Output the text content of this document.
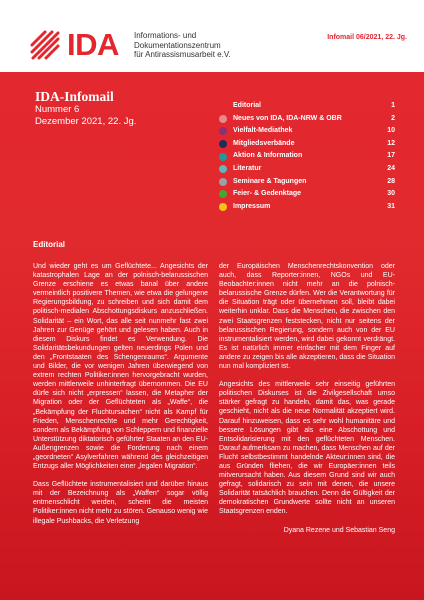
IDA Informations- und
Dokumentationszentrum
für Antirassismusarbeit e.V.
Infomail 06/2021, 22. Jg.
IDA-Infomail
Nummer 6
Dezember 2021, 22. Jg.
Editorial	1
Neues von IDA, IDA-NRW & OBR	2
Vielfalt-Mediathek	10
Mitgliedsverbände	12
Aktion & Information	17
Literatur	24
Seminare & Tagungen	28
Feier- & Gedenktage	30
Impressum	31
Editorial

Und wieder geht es um Geflüchtete... Angesichts der katastrophalen Lage an der polnisch-belarussischen Grenze erschiene es etwas banal über andere vermeintlich positivere Themen, wie etwa die gelungene Regierungsbildung, zu schreiben und sich damit dem politisch-medialen Abschottungsdiskurs anzuschließen. Solidarität – ein Wort, das alle seit nunmehr fast zwei Jahren zur Genüge gehört und gelesen haben. Auch in diesem Diskurs findet es Verwendung. Die Solidaritätsbekundungen gelten neuerdings Polen und den „Frontstaaten des Schengenraums“. Argumente und Bilder, die vor wenigen Jahren überwiegend von extrem rechten Politiker:innen hervorgebracht wurden, werden mittlerweile unhinterfragt übernommen. Die EU dürfe sich nicht „erpressen“ lassen, die Metapher der Migration oder der Geflüchteten als „Waffe“, die „Bekämpfung der Fluchtursachen“ nicht als Kampf für Frieden, Menschenrechte und mehr Gerechtigkeit, sondern als Bekämpfung von Schleppern und finanzielle Unterstützung diktatorisch geführter Staaten an den EU-Außengrenzen sowie die Forderung nach einem „geordneten“ Asylverfahren während des gleichzeitigen Entzugs aller Möglichkeiten einer „legalen Migration“.

Dass Geflüchtete instrumentalisiert und darüber hinaus mit der Bezeichnung als „Waffen“ sogar völlig entmenschlicht werden, scheint die meisten Politiker:innen nicht mehr zu stören. Genauso wenig wie illegale Pushbacks, die Verletzung

der Europäischen Menschenrechtskonvention oder auch, dass Reporter:innen, NGOs und EU-Beobachter:innen nicht mehr an die polnisch-belarussische Grenze dürfen. Wer die Verantwortung für die Situation trägt oder übernehmen soll, bleibt dabei weiterhin unklar. Dass die Menschen, die zwischen den zwei Staatsgrenzen feststecken, nicht nur seitens der belarussischen Regierung, sondern auch von der EU instrumentalisiert werden, wird dabei gekonnt verdrängt. Es ist natürlich immer einfacher mit dem Finger auf andere zu zeigen bis alle akzeptieren, dass die Situation nun mal kompliziert ist.

Angesichts des mittlerweile sehr einseitig geführten politischen Diskurses ist die Zivilgesellschaft umso stärker gefragt zu handeln, damit das, was gerade geschieht, nicht als die neue Normalität akzeptiert wird. Darauf hinzuweisen, dass es sehr wohl humanitäre und bessere Lösungen gibt als eine Abschottung und Entsolidarisierung mit den geflüchteten Menschen. Darauf aufmerksam zu machen, dass Menschen auf der Flucht selbstbestimmt handelnde Akteur:innen sind, die aus Gründen fliehen, die wir Europäer:innen teils mitverursacht haben. Aus diesem Grund sind wir auch gefragt, solidarisch zu sein mit denen, die unsere Solidarität tatsächlich brauchen. Denn die Gültigkeit der demokratischen Grundwerte sollte nicht an unseren Staatsgrenzen enden.

Dyana Rezene und Sebastian Seng
